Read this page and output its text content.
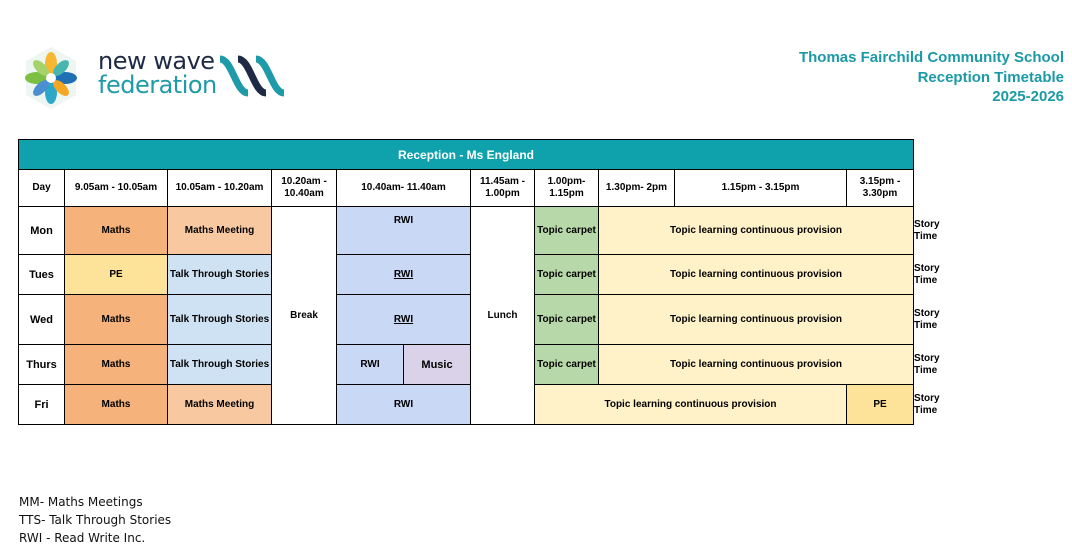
new wave
federation
Thomas Fairchild Community School
Reception Timetable
2025-2026
Reception - Ms England											
Day	9.05am - 10.05am	10.05am - 10.20am	10.20am - 10.40am	10.40am- 11.40am		11.45am - 1.00pm	1.00pm- 1.15pm	1.30pm- 2pm	1.15pm - 3.15pm	3.15pm - 3.30pm	
Mon	Maths	Maths Meeting	Break	RWI		Lunch	Topic carpet	Topic learning continuous provision			Story Time
Tues	PE	Talk Through Stories		RWI			Topic carpet	Topic learning continuous provision			Story Time
Wed	Maths	Talk Through Stories		RWI			Topic carpet	Topic learning continuous provision			Story Time
Thurs	Maths	Talk Through Stories		RWI	Music		Topic carpet	Topic learning continuous provision			Story Time
Fri	Maths	Maths Meeting		RWI			Topic learning continuous provision			PE	Story Time
MM- Maths Meetings
TTS- Talk Through Stories
RWI - Read Write Inc.
